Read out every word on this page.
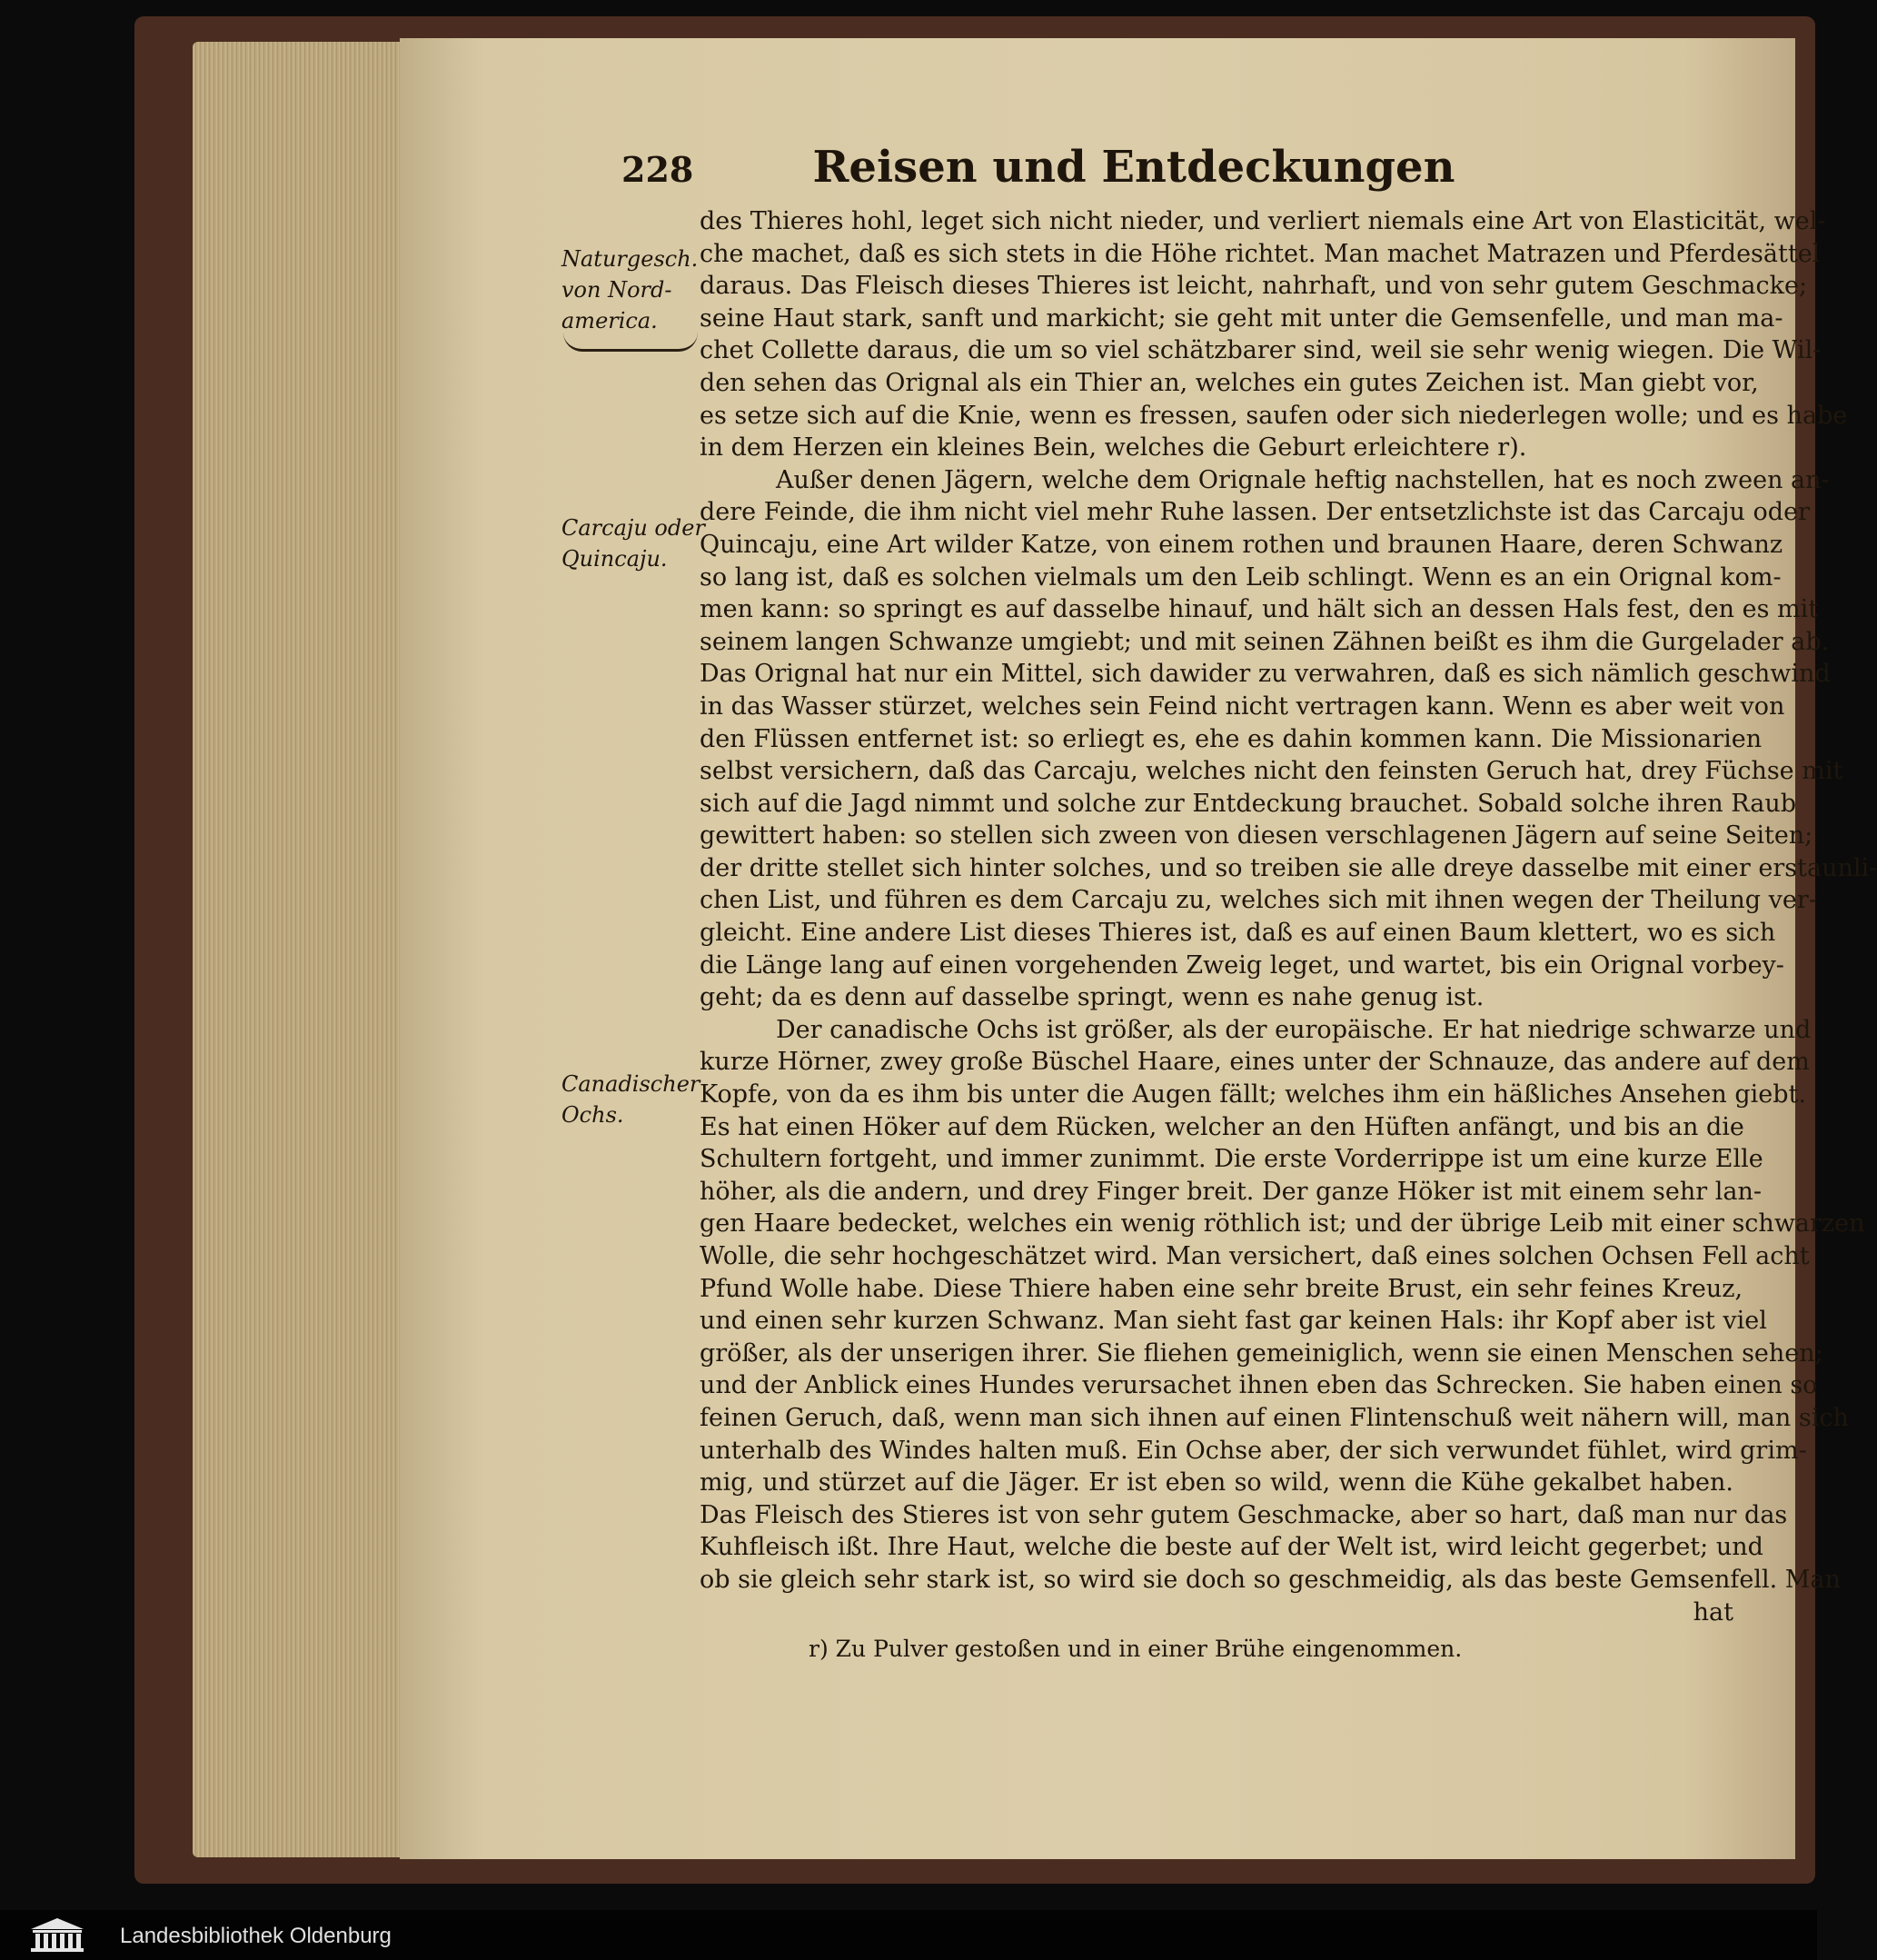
228	Reisen und Entdeckungen
Naturgesch.
von Nord-
america.
Carcaju oder
Quincaju.
Canadischer
Ochs.
des Thieres hohl, leget sich nicht nieder, und verliert niemals eine Art von Elasticität, wel-
che machet, daß es sich stets in die Höhe richtet. Man machet Matrazen und Pferdesättel
daraus. Das Fleisch dieses Thieres ist leicht, nahrhaft, und von sehr gutem Geschmacke;
seine Haut stark, sanft und markicht; sie geht mit unter die Gemsenfelle, und man ma-
chet Collette daraus, die um so viel schätzbarer sind, weil sie sehr wenig wiegen. Die Wil-
den sehen das Orignal als ein Thier an, welches ein gutes Zeichen ist. Man giebt vor,
es setze sich auf die Knie, wenn es fressen, saufen oder sich niederlegen wolle; und es habe
in dem Herzen ein kleines Bein, welches die Geburt erleichtere r).
Außer denen Jägern, welche dem Orignale heftig nachstellen, hat es noch zween an-
dere Feinde, die ihm nicht viel mehr Ruhe lassen. Der entsetzlichste ist das Carcaju oder
Quincaju, eine Art wilder Katze, von einem rothen und braunen Haare, deren Schwanz
so lang ist, daß es solchen vielmals um den Leib schlingt. Wenn es an ein Orignal kom-
men kann: so springt es auf dasselbe hinauf, und hält sich an dessen Hals fest, den es mit
seinem langen Schwanze umgiebt; und mit seinen Zähnen beißt es ihm die Gurgelader ab.
Das Orignal hat nur ein Mittel, sich dawider zu verwahren, daß es sich nämlich geschwind
in das Wasser stürzet, welches sein Feind nicht vertragen kann. Wenn es aber weit von
den Flüssen entfernet ist: so erliegt es, ehe es dahin kommen kann. Die Missionarien
selbst versichern, daß das Carcaju, welches nicht den feinsten Geruch hat, drey Füchse mit
sich auf die Jagd nimmt und solche zur Entdeckung brauchet. Sobald solche ihren Raub
gewittert haben: so stellen sich zween von diesen verschlagenen Jägern auf seine Seiten;
der dritte stellet sich hinter solches, und so treiben sie alle dreye dasselbe mit einer erstaunli-
chen List, und führen es dem Carcaju zu, welches sich mit ihnen wegen der Theilung ver-
gleicht. Eine andere List dieses Thieres ist, daß es auf einen Baum klettert, wo es sich
die Länge lang auf einen vorgehenden Zweig leget, und wartet, bis ein Orignal vorbey-
geht; da es denn auf dasselbe springt, wenn es nahe genug ist.
Der canadische Ochs ist größer, als der europäische. Er hat niedrige schwarze und
kurze Hörner, zwey große Büschel Haare, eines unter der Schnauze, das andere auf dem
Kopfe, von da es ihm bis unter die Augen fällt; welches ihm ein häßliches Ansehen giebt.
Es hat einen Höker auf dem Rücken, welcher an den Hüften anfängt, und bis an die
Schultern fortgeht, und immer zunimmt. Die erste Vorderrippe ist um eine kurze Elle
höher, als die andern, und drey Finger breit. Der ganze Höker ist mit einem sehr lan-
gen Haare bedecket, welches ein wenig röthlich ist; und der übrige Leib mit einer schwarzen
Wolle, die sehr hochgeschätzet wird. Man versichert, daß eines solchen Ochsen Fell acht
Pfund Wolle habe. Diese Thiere haben eine sehr breite Brust, ein sehr feines Kreuz,
und einen sehr kurzen Schwanz. Man sieht fast gar keinen Hals: ihr Kopf aber ist viel
größer, als der unserigen ihrer. Sie fliehen gemeiniglich, wenn sie einen Menschen sehen;
und der Anblick eines Hundes verursachet ihnen eben das Schrecken. Sie haben einen so
feinen Geruch, daß, wenn man sich ihnen auf einen Flintenschuß weit nähern will, man sich
unterhalb des Windes halten muß. Ein Ochse aber, der sich verwundet fühlet, wird grim-
mig, und stürzet auf die Jäger. Er ist eben so wild, wenn die Kühe gekalbet haben.
Das Fleisch des Stieres ist von sehr gutem Geschmacke, aber so hart, daß man nur das
Kuhfleisch ißt. Ihre Haut, welche die beste auf der Welt ist, wird leicht gegerbet; und
ob sie gleich sehr stark ist, so wird sie doch so geschmeidig, als das beste Gemsenfell. Man
hat
r) Zu Pulver gestoßen und in einer Brühe eingenommen.
Landesbibliothek Oldenburg
